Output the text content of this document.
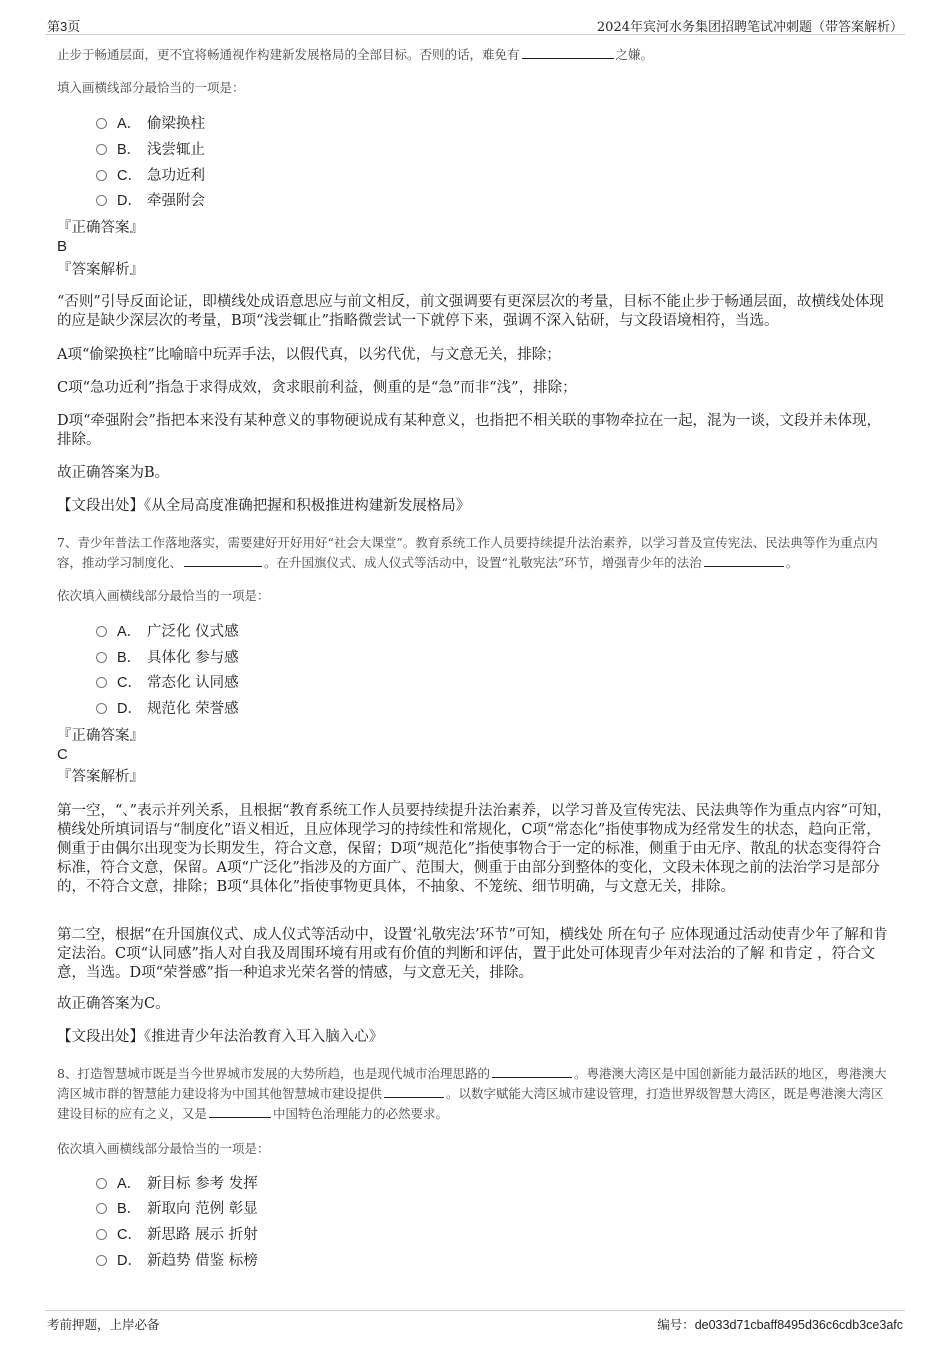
第3页	2024年宾河水务集团招聘笔试冲刺题（带答案解析）
止步于畅通层面，更不宜将畅通视作构建新发展格局的全部目标。否则的话，难免有	之嫌。
填入画横线部分最恰当的一项是：
A． 偷梁换柱
B． 浅尝辄止
C． 急功近利
D． 牵强附会
『正确答案』
B
『答案解析』
“否则”引导反面论证，即横线处成语意思应与前文相反，前文强调要有更深层次的考量，目标不能止步于畅通层面，故横线处体现的应是缺少深层次的考量，B项“浅尝辄止”指略微尝试一下就停下来，强调不深入钻研，与文段语境相符，当选。
A项“偷梁换柱”比喻暗中玩弄手法，以假代真，以劣代优，与文意无关，排除；
C项“急功近利”指急于求得成效，贪求眼前利益，侧重的是“急”而非“浅”，排除；
D项“牵强附会”指把本来没有某种意义的事物硬说成有某种意义，也指把不相关联的事物牵拉在一起，混为一谈，文段并未体现，排除。
故正确答案为B。
【文段出处】《从全局高度准确把握和积极推进构建新发展格局》
7、青少年普法工作落地落实，需要建好开好用好“社会大课堂”。教育系统工作人员要持续提升法治素养，以学习普及宣传宪法、民法典等作为重点内容，推动学习制度化、	。在升国旗仪式、成人仪式等活动中，设置“礼敬宪法”环节，增强青少年的法治	。
依次填入画横线部分最恰当的一项是：
A． 广泛化 仪式感
B． 具体化 参与感
C． 常态化 认同感
D． 规范化 荣誉感
『正确答案』
C
『答案解析』
第一空，“、”表示并列关系，且根据“教育系统工作人员要持续提升法治素养，以学习普及宣传宪法、民法典等作为重点内容”可知，横线处所填词语与“制度化”语义相近，且应体现学习的持续性和常规化，C项“常态化”指使事物成为经常发生的状态，趋向正常，侧重于由偶尔出现变为长期发生，符合文意，保留；D项“规范化”指使事物合于一定的标准，侧重于由无序、散乱的状态变得符合标准，符合文意，保留。A项“广泛化”指涉及的方面广、范围大，侧重于由部分到整体的变化，文段未体现之前的法治学习是部分的，不符合文意，排除；B项“具体化”指使事物更具体，不抽象、不笼统、细节明确，与文意无关，排除。
第二空，根据“在升国旗仪式、成人仪式等活动中，设置‘礼敬宪法’环节”可知，横线处 所在句子 应体现通过活动使青少年了解和肯定法治。C项“认同感”指人对自我及周围环境有用或有价值的判断和评估，置于此处可体现青少年对法治的了解 和肯定 ，符合文意，当选。D项“荣誉感”指一种追求光荣名誉的情感，与文意无关，排除。
故正确答案为C。
【文段出处】《推进青少年法治教育入耳入脑入心》
8、打造智慧城市既是当今世界城市发展的大势所趋，也是现代城市治理思路的	。粤港澳大湾区是中国创新能力最活跃的地区，粤港澳大湾区城市群的智慧能力建设将为中国其他智慧城市建设提供	。以数字赋能大湾区城市建设管理，打造世界级智慧大湾区，既是粤港澳大湾区建设目标的应有之义，又是	中国特色治理能力的必然要求。
依次填入画横线部分最恰当的一项是：
A． 新目标 参考 发挥
B． 新取向 范例 彰显
C． 新思路 展示 折射
D． 新趋势 借鉴 标榜
考前押题，上岸必备	编号：de033d71cbaff8495d36c6cdb3ce3afc
